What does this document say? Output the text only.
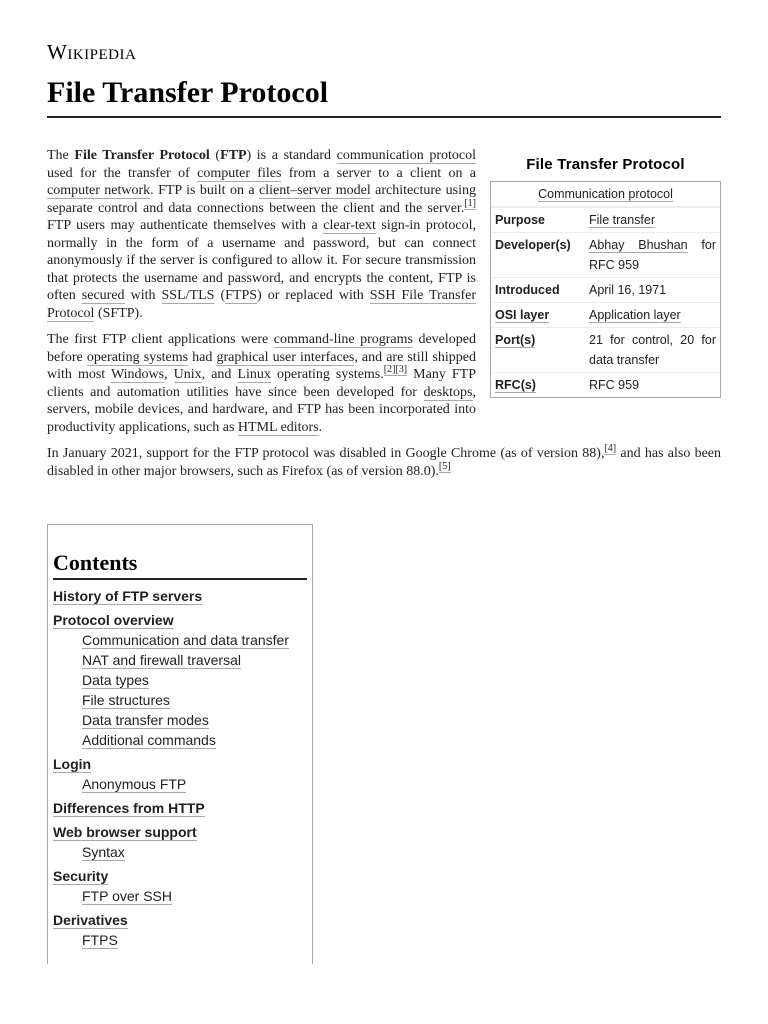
Wikipedia
File Transfer Protocol
File Transfer Protocol
Communication protocol
Purpose	File transfer
Developer(s)	Abhay Bhushan for RFC 959
Introduced	April 16, 1971
OSI layer	Application layer
Port(s)	21 for control, 20 for data transfer
RFC(s)	RFC 959

The File Transfer Protocol (FTP) is a standard communication protocol used for the transfer of computer files from a server to a client on a computer network. FTP is built on a client–server model architecture using separate control and data connections between the client and the server.[1] FTP users may authenticate themselves with a clear-text sign-in protocol, normally in the form of a username and password, but can connect anonymously if the server is configured to allow it. For secure transmission that protects the username and password, and encrypts the content, FTP is often secured with SSL/TLS (FTPS) or replaced with SSH File Transfer Protocol (SFTP).

The first FTP client applications were command-line programs developed before operating systems had graphical user interfaces, and are still shipped with most Windows, Unix, and Linux operating systems.[2][3] Many FTP clients and automation utilities have since been developed for desktops, servers, mobile devices, and hardware, and FTP has been incorporated into productivity applications, such as HTML editors.

In January 2021, support for the FTP protocol was disabled in Google Chrome (as of version 88),[4] and has also been disabled in other major browsers, such as Firefox (as of version 88.0).[5]

Contents
History of FTP servers
Protocol overview
Communication and data transfer
NAT and firewall traversal
Data types
File structures
Data transfer modes
Additional commands
Login
Anonymous FTP
Differences from HTTP
Web browser support
Syntax
Security
FTP over SSH
Derivatives
FTPS
